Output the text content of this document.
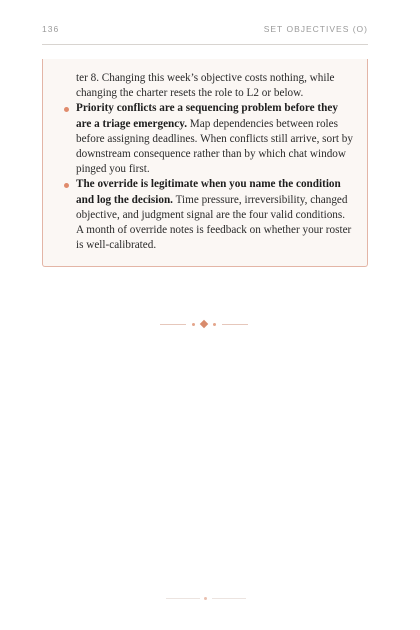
136	SET OBJECTIVES (O)

ter 8. Changing this week’s objective costs nothing, while changing the charter resets the role to L2 or below.

Priority conflicts are a sequencing problem before they are a triage emergency. Map dependencies between roles before assigning deadlines. When conflicts still arrive, sort by downstream consequence rather than by which chat window pinged you first.
The override is legitimate when you name the condition and log the decision. Time pressure, irreversibility, changed objective, and judgment signal are the four valid conditions. A month of override notes is feedback on whether your roster is well-calibrated.
